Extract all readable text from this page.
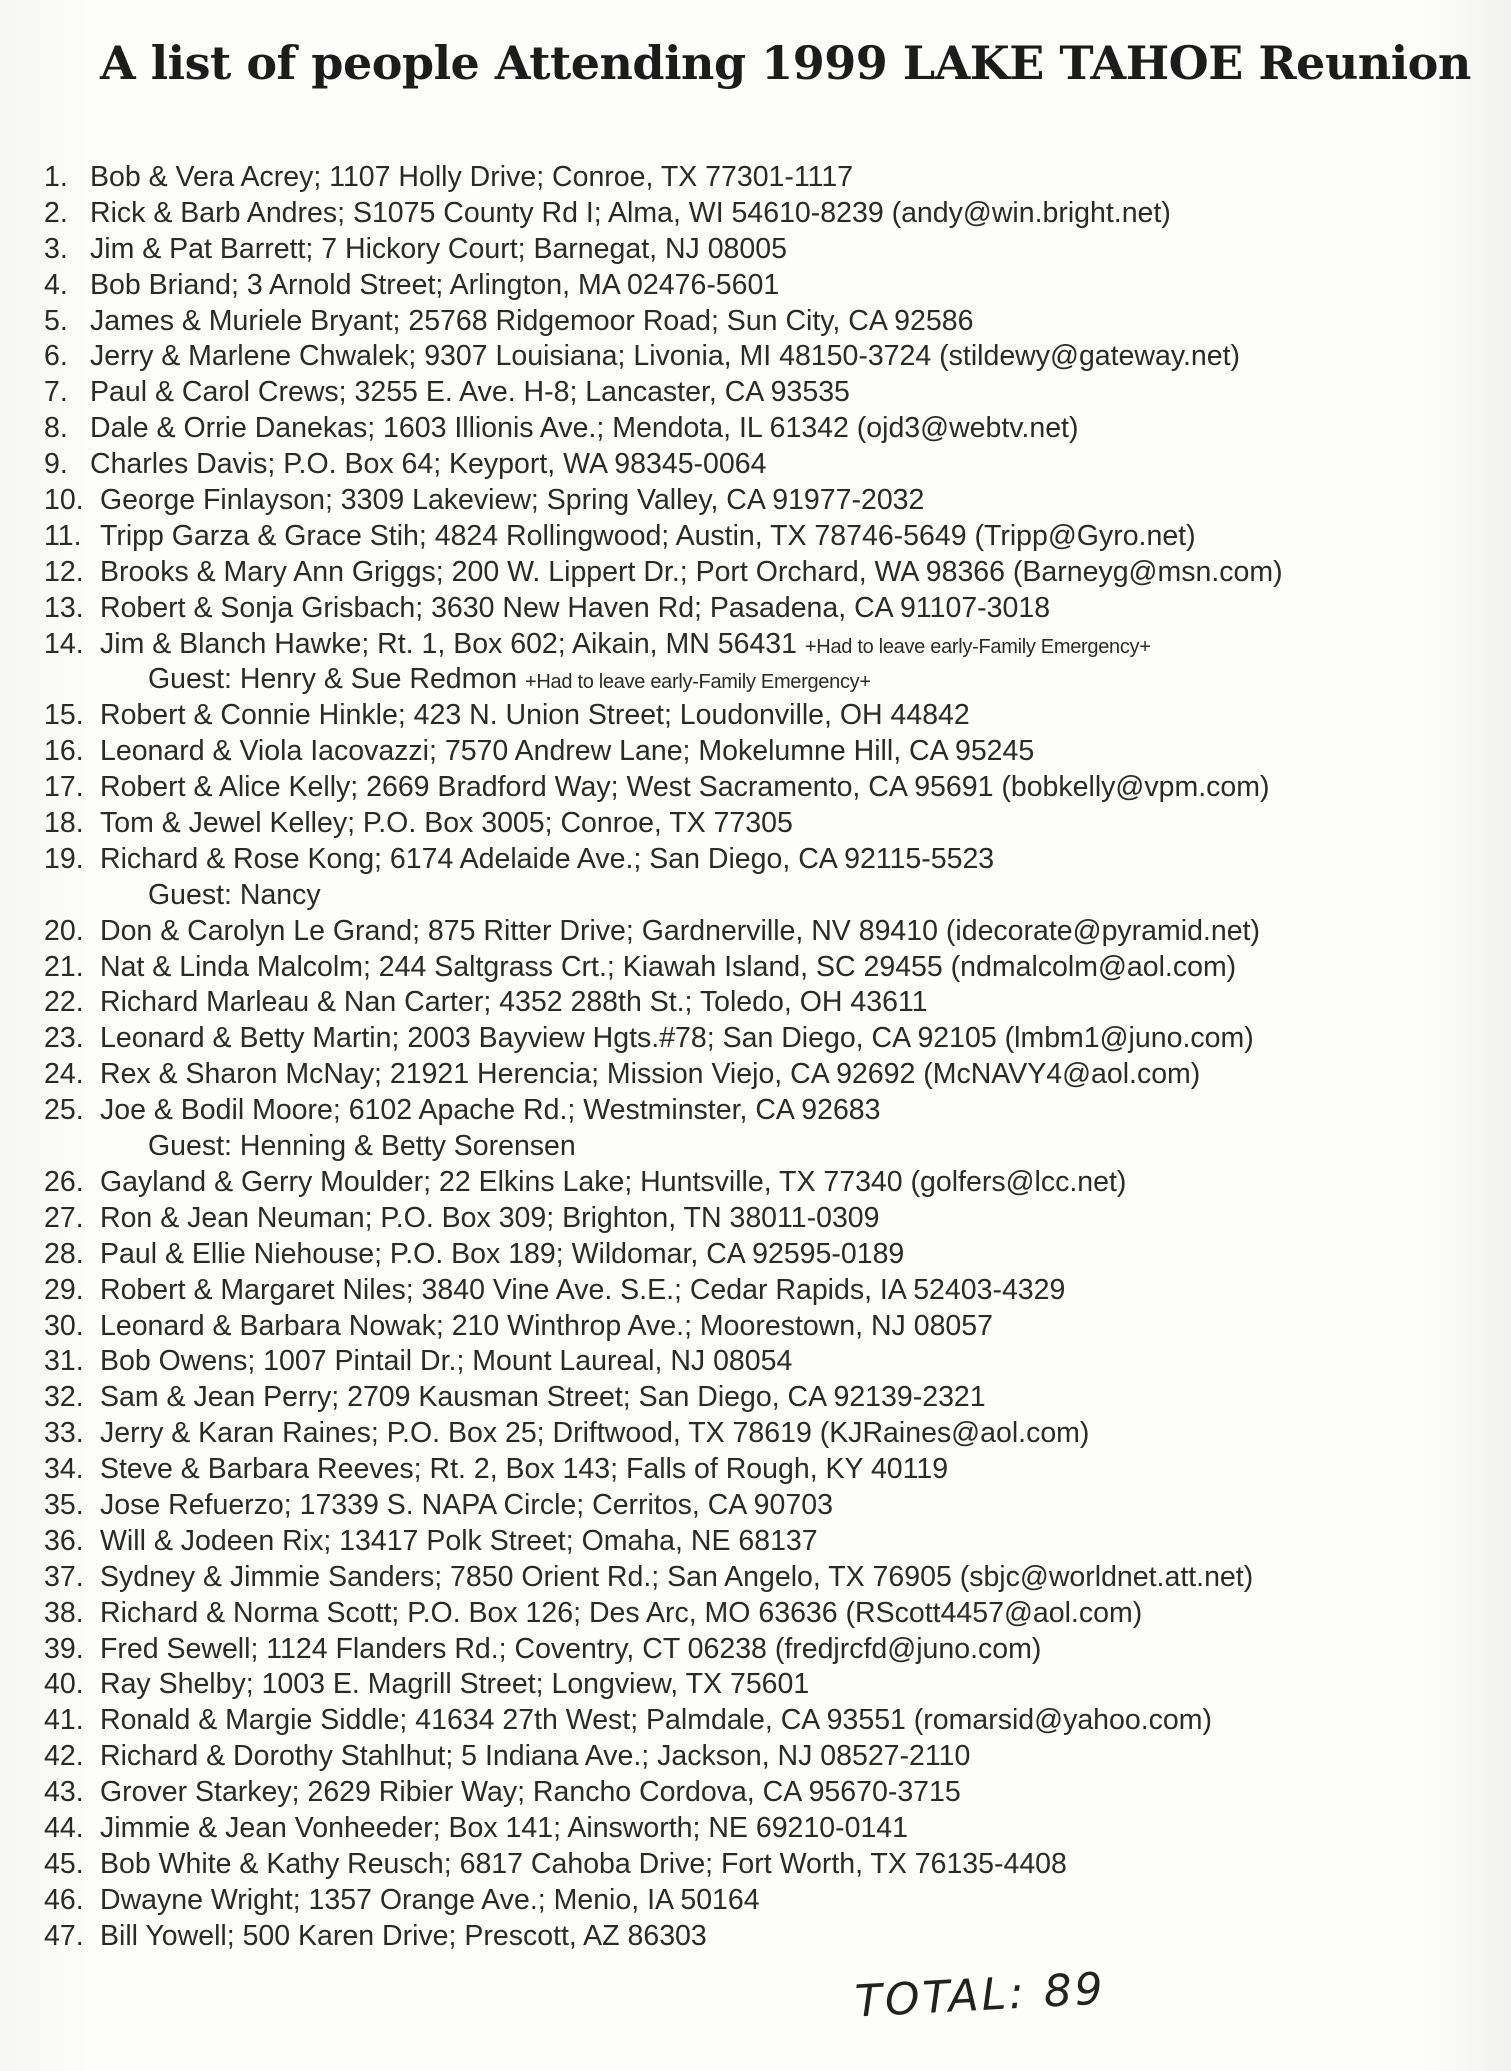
A list of people Attending 1999 LAKE TAHOE Reunion
1. Bob & Vera Acrey; 1107 Holly Drive; Conroe, TX 77301-1117
2. Rick & Barb Andres; S1075 County Rd I; Alma, WI 54610-8239 (andy@win.bright.net)
3. Jim & Pat Barrett; 7 Hickory Court; Barnegat, NJ 08005
4. Bob Briand; 3 Arnold Street; Arlington, MA 02476-5601
5. James & Muriele Bryant; 25768 Ridgemoor Road; Sun City, CA 92586
6. Jerry & Marlene Chwalek; 9307 Louisiana; Livonia, MI 48150-3724 (stildewy@gateway.net)
7. Paul & Carol Crews; 3255 E. Ave. H-8; Lancaster, CA 93535
8. Dale & Orrie Danekas; 1603 Illionis Ave.; Mendota, IL 61342 (ojd3@webtv.net)
9. Charles Davis; P.O. Box 64; Keyport, WA 98345-0064
10. George Finlayson; 3309 Lakeview; Spring Valley, CA 91977-2032
11. Tripp Garza & Grace Stih; 4824 Rollingwood; Austin, TX 78746-5649 (Tripp@Gyro.net)
12. Brooks & Mary Ann Griggs; 200 W. Lippert Dr.; Port Orchard, WA 98366 (Barneyg@msn.com)
13. Robert & Sonja Grisbach; 3630 New Haven Rd; Pasadena, CA 91107-3018
14. Jim & Blanch Hawke; Rt. 1, Box 602; Aikain, MN 56431 +Had to leave early-Family Emergency+
Guest: Henry & Sue Redmon +Had to leave early-Family Emergency+
15. Robert & Connie Hinkle; 423 N. Union Street; Loudonville, OH 44842
16. Leonard & Viola Iacovazzi; 7570 Andrew Lane; Mokelumne Hill, CA 95245
17. Robert & Alice Kelly; 2669 Bradford Way; West Sacramento, CA 95691 (bobkelly@vpm.com)
18. Tom & Jewel Kelley; P.O. Box 3005; Conroe, TX 77305
19. Richard & Rose Kong; 6174 Adelaide Ave.; San Diego, CA 92115-5523
Guest: Nancy
20. Don & Carolyn Le Grand; 875 Ritter Drive; Gardnerville, NV 89410 (idecorate@pyramid.net)
21. Nat & Linda Malcolm; 244 Saltgrass Crt.; Kiawah Island, SC 29455 (ndmalcolm@aol.com)
22. Richard Marleau & Nan Carter; 4352 288th St.; Toledo, OH 43611
23. Leonard & Betty Martin; 2003 Bayview Hgts.#78; San Diego, CA 92105 (lmbm1@juno.com)
24. Rex & Sharon McNay; 21921 Herencia; Mission Viejo, CA 92692 (McNAVY4@aol.com)
25. Joe & Bodil Moore; 6102 Apache Rd.; Westminster, CA 92683
Guest: Henning & Betty Sorensen
26. Gayland & Gerry Moulder; 22 Elkins Lake; Huntsville, TX 77340 (golfers@lcc.net)
27. Ron & Jean Neuman; P.O. Box 309; Brighton, TN 38011-0309
28. Paul & Ellie Niehouse; P.O. Box 189; Wildomar, CA 92595-0189
29. Robert & Margaret Niles; 3840 Vine Ave. S.E.; Cedar Rapids, IA 52403-4329
30. Leonard & Barbara Nowak; 210 Winthrop Ave.; Moorestown, NJ 08057
31. Bob Owens; 1007 Pintail Dr.; Mount Laureal, NJ 08054
32. Sam & Jean Perry; 2709 Kausman Street; San Diego, CA 92139-2321
33. Jerry & Karan Raines; P.O. Box 25; Driftwood, TX 78619 (KJRaines@aol.com)
34. Steve & Barbara Reeves; Rt. 2, Box 143; Falls of Rough, KY 40119
35. Jose Refuerzo; 17339 S. NAPA Circle; Cerritos, CA 90703
36. Will & Jodeen Rix; 13417 Polk Street; Omaha, NE 68137
37. Sydney & Jimmie Sanders; 7850 Orient Rd.; San Angelo, TX 76905 (sbjc@worldnet.att.net)
38. Richard & Norma Scott; P.O. Box 126; Des Arc, MO 63636 (RScott4457@aol.com)
39. Fred Sewell; 1124 Flanders Rd.; Coventry, CT 06238 (fredjrcfd@juno.com)
40. Ray Shelby; 1003 E. Magrill Street; Longview, TX 75601
41. Ronald & Margie Siddle; 41634 27th West; Palmdale, CA 93551 (romarsid@yahoo.com)
42. Richard & Dorothy Stahlhut; 5 Indiana Ave.; Jackson, NJ 08527-2110
43. Grover Starkey; 2629 Ribier Way; Rancho Cordova, CA 95670-3715
44. Jimmie & Jean Vonheeder; Box 141; Ainsworth; NE 69210-0141
45. Bob White & Kathy Reusch; 6817 Cahoba Drive; Fort Worth, TX 76135-4408
46. Dwayne Wright; 1357 Orange Ave.; Menio, IA 50164
47. Bill Yowell; 500 Karen Drive; Prescott, AZ 86303
TOTAL: 89
